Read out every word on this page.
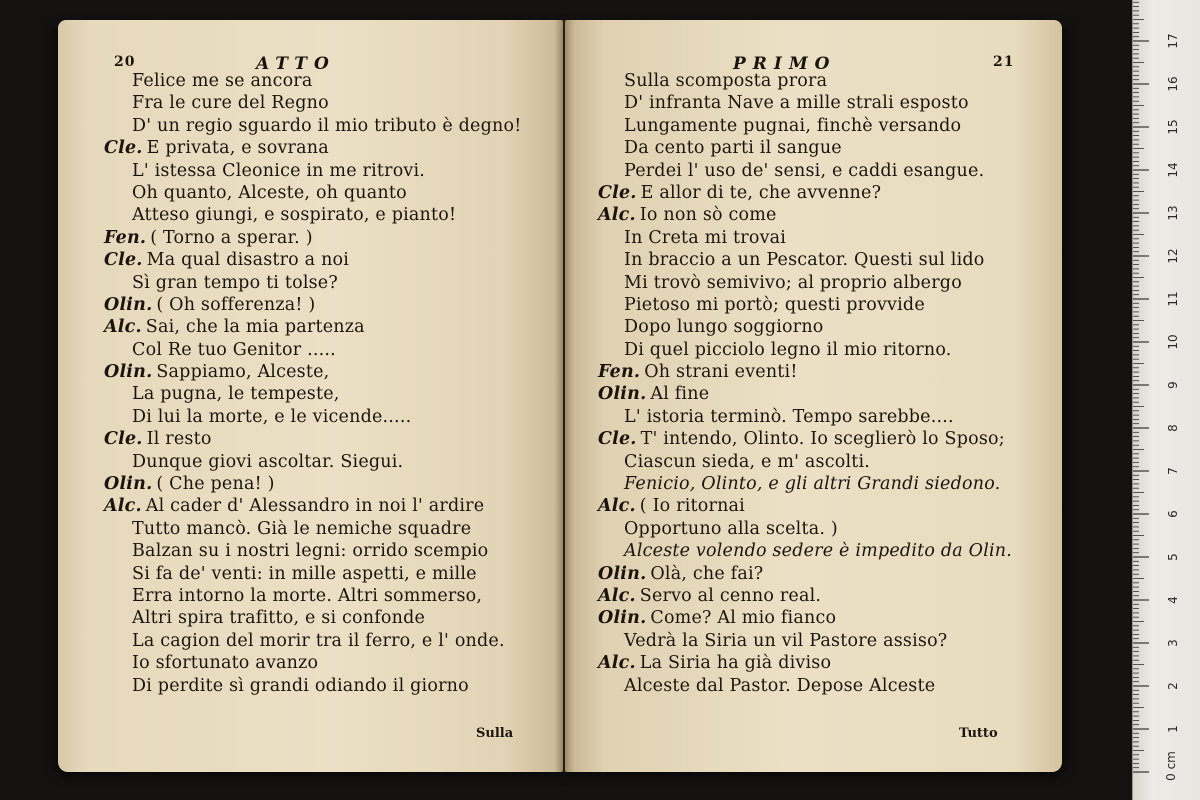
20	ATTO
Felice me se ancora
Fra le cure del Regno
D' un regio sguardo il mio tributo è degno!
Cle. E privata, e sovrana
L' istessa Cleonice in me ritrovi.
Oh quanto, Alceste, oh quanto
Atteso giungi, e sospirato, e pianto!
Fen. ( Torno a sperar. )
Cle. Ma qual disastro a noi
Sì gran tempo ti tolse?
Olin. ( Oh sofferenza! )
Alc. Sai, che la mia partenza
Col Re tuo Genitor .....
Olin. Sappiamo, Alceste,
La pugna, le tempeste,
Di lui la morte, e le vicende.....
Cle. Il resto
Dunque giovi ascoltar. Siegui.
Olin. ( Che pena! )
Alc. Al cader d' Alessandro in noi l' ardire
Tutto mancò. Già le nemiche squadre
Balzan su i nostri legni: orrido scempio
Si fa de' venti: in mille aspetti, e mille
Erra intorno la morte. Altri sommerso,
Altri spira trafitto, e si confonde
La cagion del morir tra il ferro, e l' onde.
Io sfortunato avanzo
Di perdite sì grandi odiando il giorno
Sulla
PRIMO	21
Sulla scomposta prora
D' infranta Nave a mille strali esposto
Lungamente pugnai, finchè versando
Da cento parti il sangue
Perdei l' uso de' sensi, e caddi esangue.
Cle. E allor di te, che avvenne?
Alc. Io non sò come
In Creta mi trovai
In braccio a un Pescator. Questi sul lido
Mi trovò semivivo; al proprio albergo
Pietoso mi portò; questi provvide
Dopo lungo soggiorno
Di quel picciolo legno il mio ritorno.
Fen. Oh strani eventi!
Olin. Al fine
L' istoria terminò. Tempo sarebbe....
Cle. T' intendo, Olinto. Io sceglierò lo Sposo;
Ciascun sieda, e m' ascolti.
Fenicio, Olinto, e gli altri Grandi siedono.
Alc. ( Io ritornai
Opportuno alla scelta. )
Alceste volendo sedere è impedito da Olin.
Olin. Olà, che fai?
Alc. Servo al cenno real.
Olin. Come? Al mio fianco
Vedrà la Siria un vil Pastore assiso?
Alc. La Siria ha già diviso
Alceste dal Pastor. Depose Alceste
Tutto
0 cm
1
2
3
4
5
6
7
8
9
10
11
12
13
14
15
16
17
